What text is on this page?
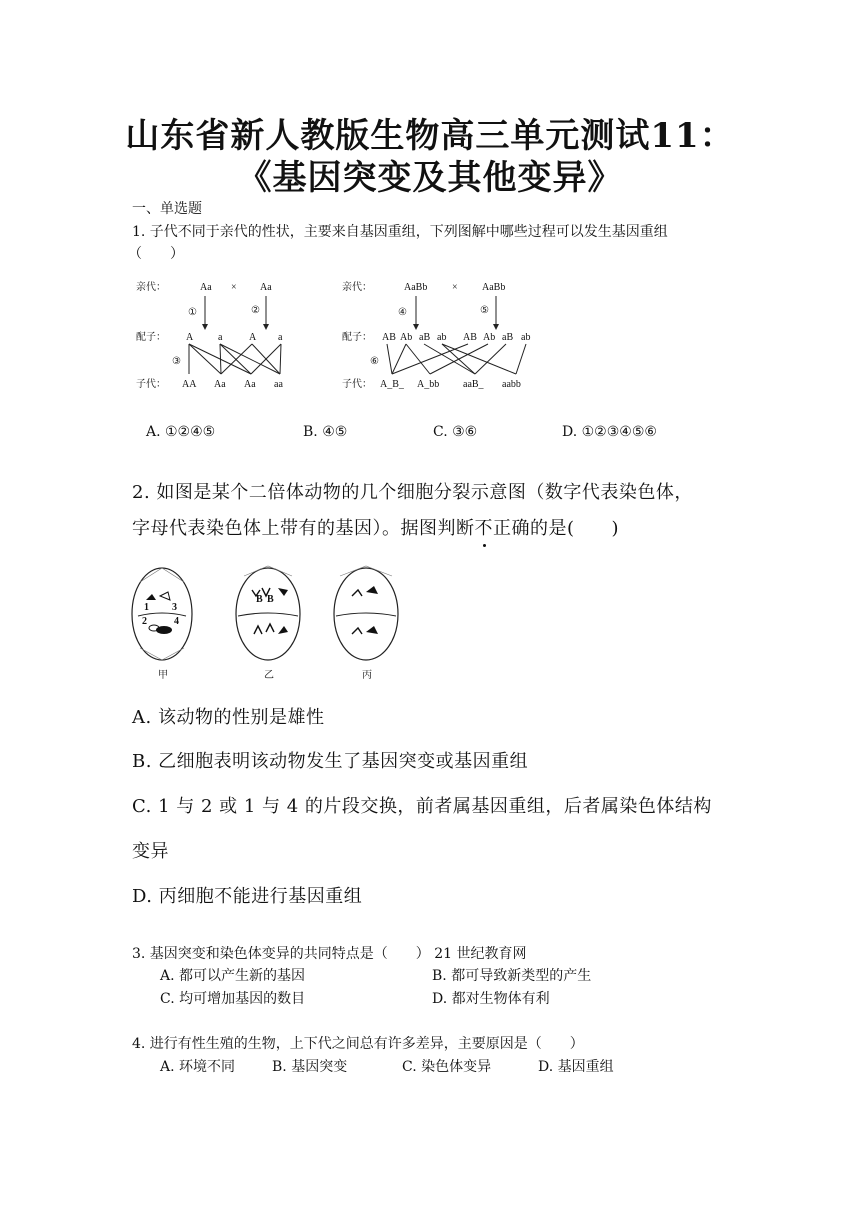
山东省新人教版生物高三单元测试11：
《基因突变及其他变异》
一、单选题
1. 子代不同于亲代的性状，主要来自基因重组，下列图解中哪些过程可以发生基因重组
（　　）
亲代：	Aa × Aa
①	②
配子： A a	A a
③
子代： AA Aa Aa aa
亲代：	AaBb × AaBb
④	⑤
配子： AB Ab aB ab AB Ab aB ab
⑥
子代： A_B_ A_bb aaB_ aabb
A. ①②④⑤	B. ④⑤	C. ③⑥	D. ①②③④⑤⑥
2. 如图是某个二倍体动物的几个细胞分裂示意图（数字代表染色体，
字母代表染色体上带有的基因）。据图判断不正确的是(　　)
1 3
2	4
甲
B B
乙	丙
A. 该动物的性别是雄性
B. 乙细胞表明该动物发生了基因突变或基因重组
C. 1 与 2 或 1 与 4 的片段交换，前者属基因重组，后者属染色体结构
变异
D. 丙细胞不能进行基因重组
3. 基因突变和染色体变异的共同特点是（　　） 21 世纪教育网
A. 都可以产生新的基因	B. 都可导致新类型的产生
C. 均可增加基因的数目	D. 都对生物体有利
4. 进行有性生殖的生物，上下代之间总有许多差异，主要原因是（　　）
A. 环境不同	B. 基因突变	C. 染色体变异	D. 基因重组
